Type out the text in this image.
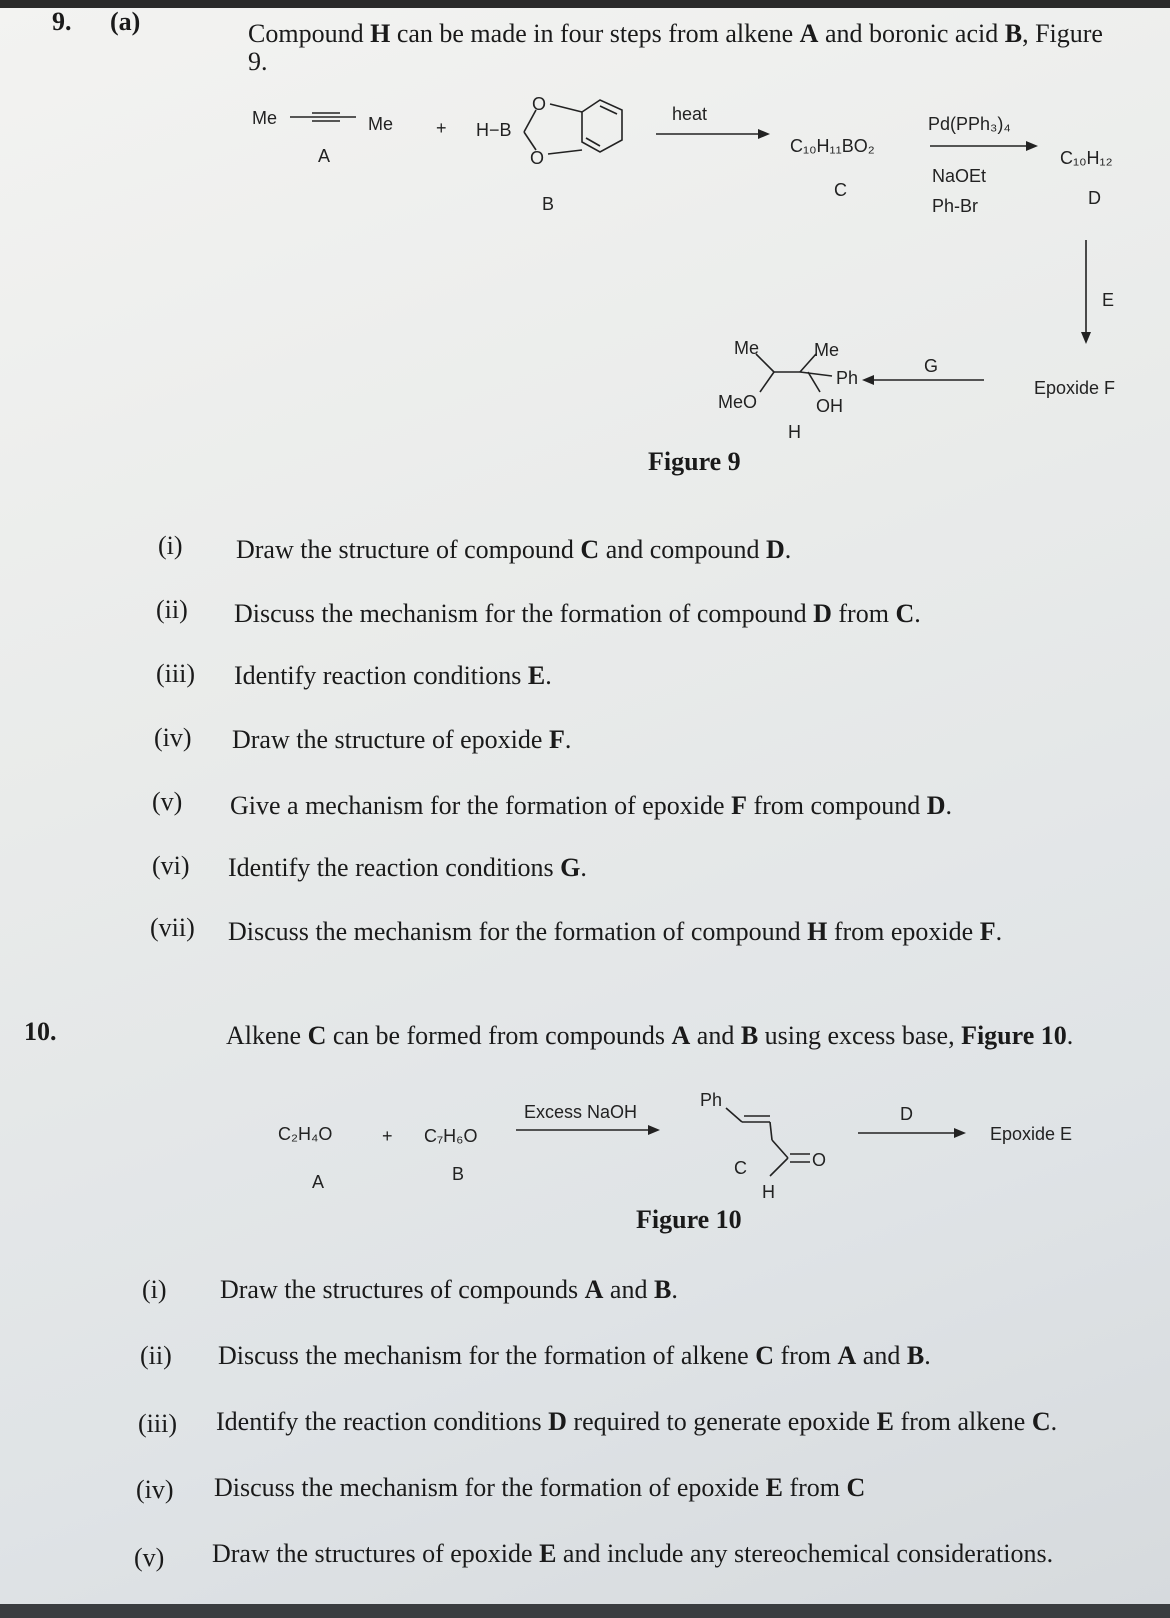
9. (a)	Compound H can be made in four steps from alkene A and boronic acid B, Figure
9.
Me	Me
A
+ H−B
O
O
B
heat
C₁₀H₁₁BO₂
C
Pd(PPh₃)₄
NaOEt
Ph-Br
C₁₀H₁₂
D
E
Epoxide F
G
Me	Me
Ph
MeO	OH
H
Figure 9
(i) Draw the structure of compound C and compound D.
(ii) Discuss the mechanism for the formation of compound D from C.
(iii) Identify reaction conditions E.
(iv) Draw the structure of epoxide F.
(v) Give a mechanism for the formation of epoxide F from compound D.
(vi) Identify the reaction conditions G.
(vii) Discuss the mechanism for the formation of compound H from epoxide F.
10.	Alkene C can be formed from compounds A and B using excess base, Figure 10.
C₂H₄O	+ C₇H₆O
A	B
Excess NaOH
Ph
O
C
H
D
Epoxide E
Figure 10
(i) Draw the structures of compounds A and B.
(ii) Discuss the mechanism for the formation of alkene C from A and B.
(iii) Identify the reaction conditions D required to generate epoxide E from alkene C.
(iv) Discuss the mechanism for the formation of epoxide E from C
(v) Draw the structures of epoxide E and include any stereochemical considerations.
